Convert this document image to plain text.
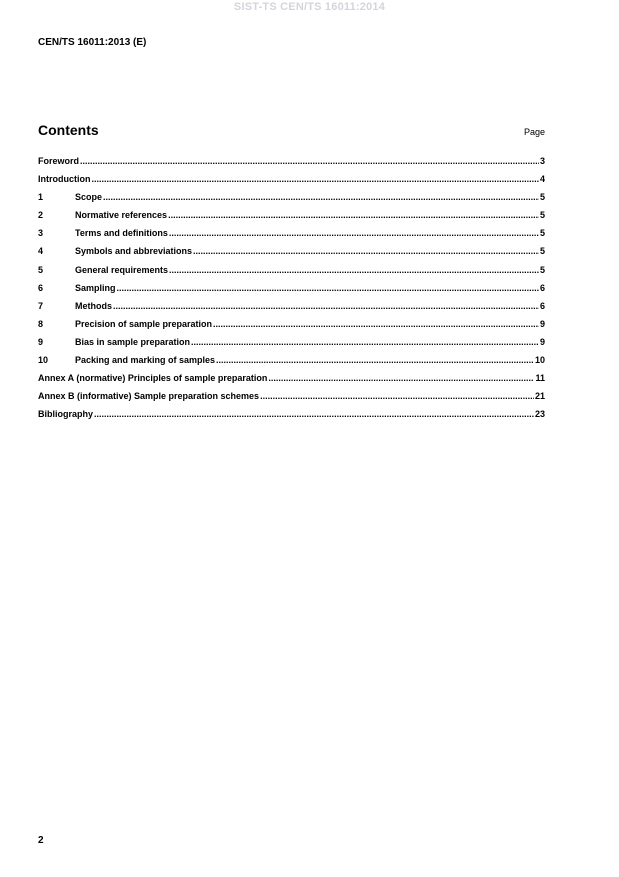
SIST-TS CEN/TS 16011:2014
CEN/TS 16011:2013 (E)
Contents	Page
Foreword .....	3
Introduction .....	4
1	Scope .....	5
2	Normative references .....	5
3	Terms and definitions .....	5
4	Symbols and abbreviations .....	5
5	General requirements .....	5
6	Sampling .....	6
7	Methods .....	6
8	Precision of sample preparation .....	9
9	Bias in sample preparation .....	9
10	Packing and marking of samples .....	10
Annex A (normative) Principles of sample preparation .....	11
Annex B (informative) Sample preparation schemes .....	21
Bibliography .....	23
2
